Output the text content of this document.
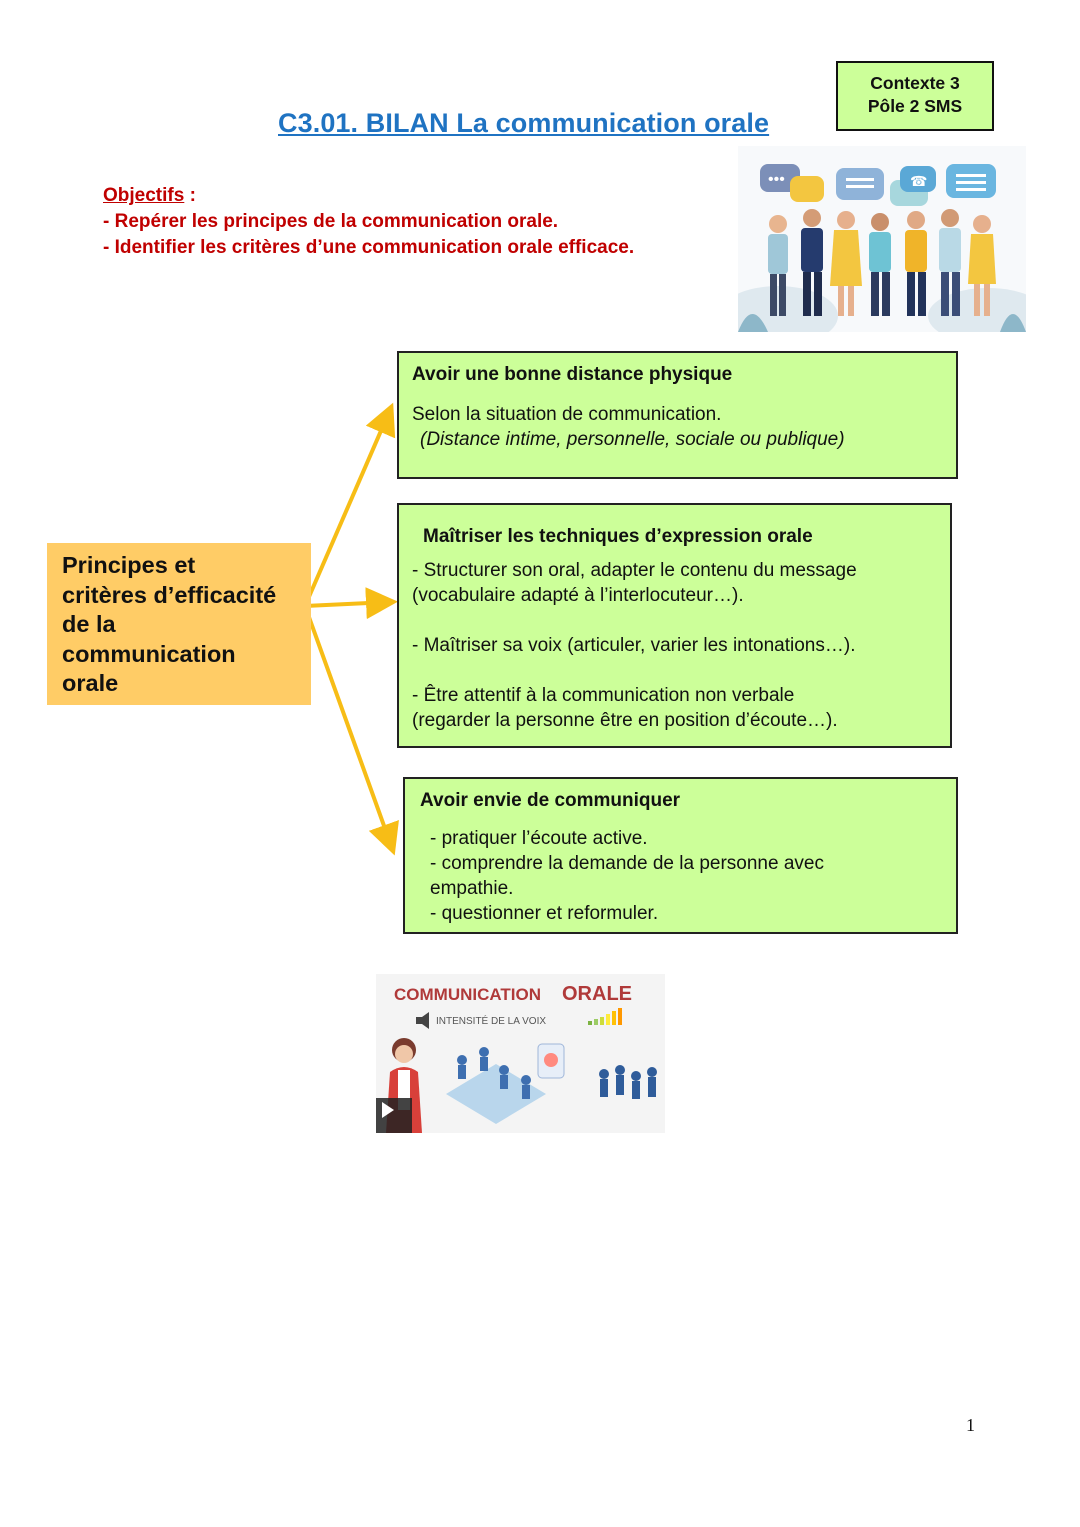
Contexte 3
Pôle 2 SMS
C3.01. BILAN La communication orale
Objectifs :
- Repérer les principes de la communication orale.
- Identifier les critères d’une communication orale efficace.
•••	☎
Principes et
critères d’efficacité
de la
communication
orale
Avoir une bonne distance physique
Selon la situation de communication.
(Distance intime, personnelle, sociale ou publique)
Maîtriser les techniques d’expression orale
- Structurer son oral, adapter le contenu du message
(vocabulaire adapté à l’interlocuteur…).
- Maîtriser sa voix (articuler, varier les intonations…).
- Être attentif à la communication non verbale
(regarder la personne être en position d’écoute…).
Avoir envie de communiquer
- pratiquer l’écoute active.
- comprendre la demande de la personne avec
empathie.
- questionner et reformuler.
COMMUNICATION ORALE
INTENSITÉ DE LA VOIX
1
